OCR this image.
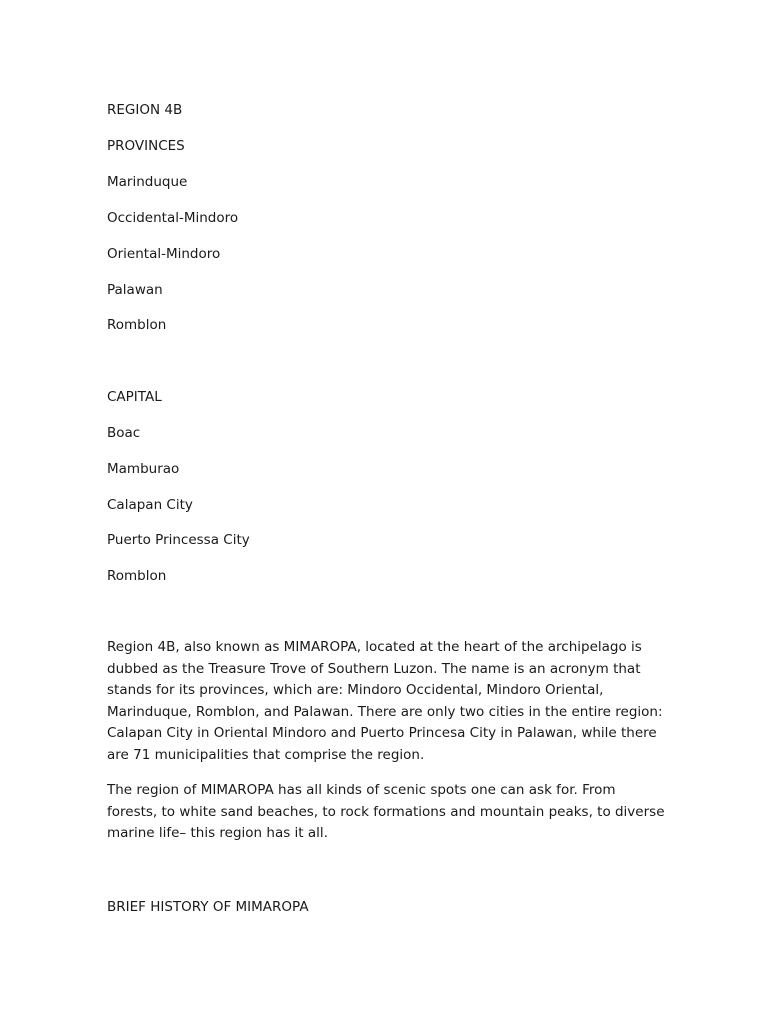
REGION 4B
PROVINCES
Marinduque
Occidental-Mindoro
Oriental-Mindoro
Palawan
Romblon
CAPITAL
Boac
Mamburao
Calapan City
Puerto Princessa City
Romblon

Region 4B, also known as MIMAROPA, located at the heart of the archipelago is dubbed as the Treasure Trove of Southern Luzon. The name is an acronym that stands for its provinces, which are: Mindoro Occidental, Mindoro Oriental, Marinduque, Romblon, and Palawan. There are only two cities in the entire region: Calapan City in Oriental Mindoro and Puerto Princesa City in Palawan, while there are 71 municipalities that comprise the region.

The region of MIMAROPA has all kinds of scenic spots one can ask for. From forests, to white sand beaches, to rock formations and mountain peaks, to diverse marine life– this region has it all.

BRIEF HISTORY OF MIMAROPA
